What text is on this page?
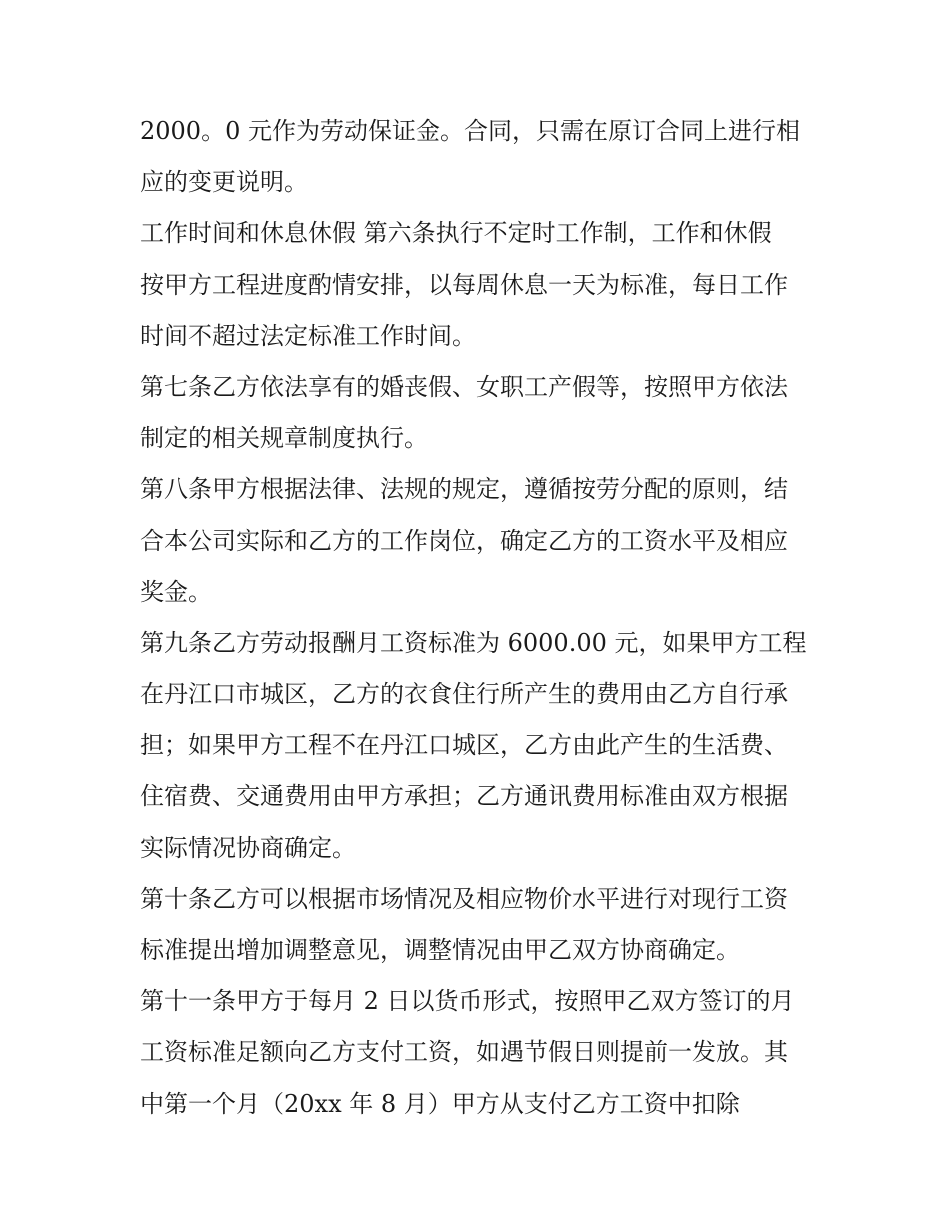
2000。0 元作为劳动保证金。合同，只需在原订合同上进行相
应的变更说明。
工作时间和休息休假 第六条执行不定时工作制，工作和休假
按甲方工程进度酌情安排，以每周休息一天为标准，每日工作
时间不超过法定标准工作时间。
第七条乙方依法享有的婚丧假、女职工产假等，按照甲方依法
制定的相关规章制度执行。
第八条甲方根据法律、法规的规定，遵循按劳分配的原则，结
合本公司实际和乙方的工作岗位，确定乙方的工资水平及相应
奖金。
第九条乙方劳动报酬月工资标准为 6000.00 元，如果甲方工程
在丹江口市城区，乙方的衣食住行所产生的费用由乙方自行承
担；如果甲方工程不在丹江口城区，乙方由此产生的生活费、
住宿费、交通费用由甲方承担；乙方通讯费用标准由双方根据
实际情况协商确定。
第十条乙方可以根据市场情况及相应物价水平进行对现行工资
标准提出增加调整意见，调整情况由甲乙双方协商确定。
第十一条甲方于每月 2 日以货币形式，按照甲乙双方签订的月
工资标准足额向乙方支付工资，如遇节假日则提前一发放。其
中第一个月（20xx 年 8 月）甲方从支付乙方工资中扣除
